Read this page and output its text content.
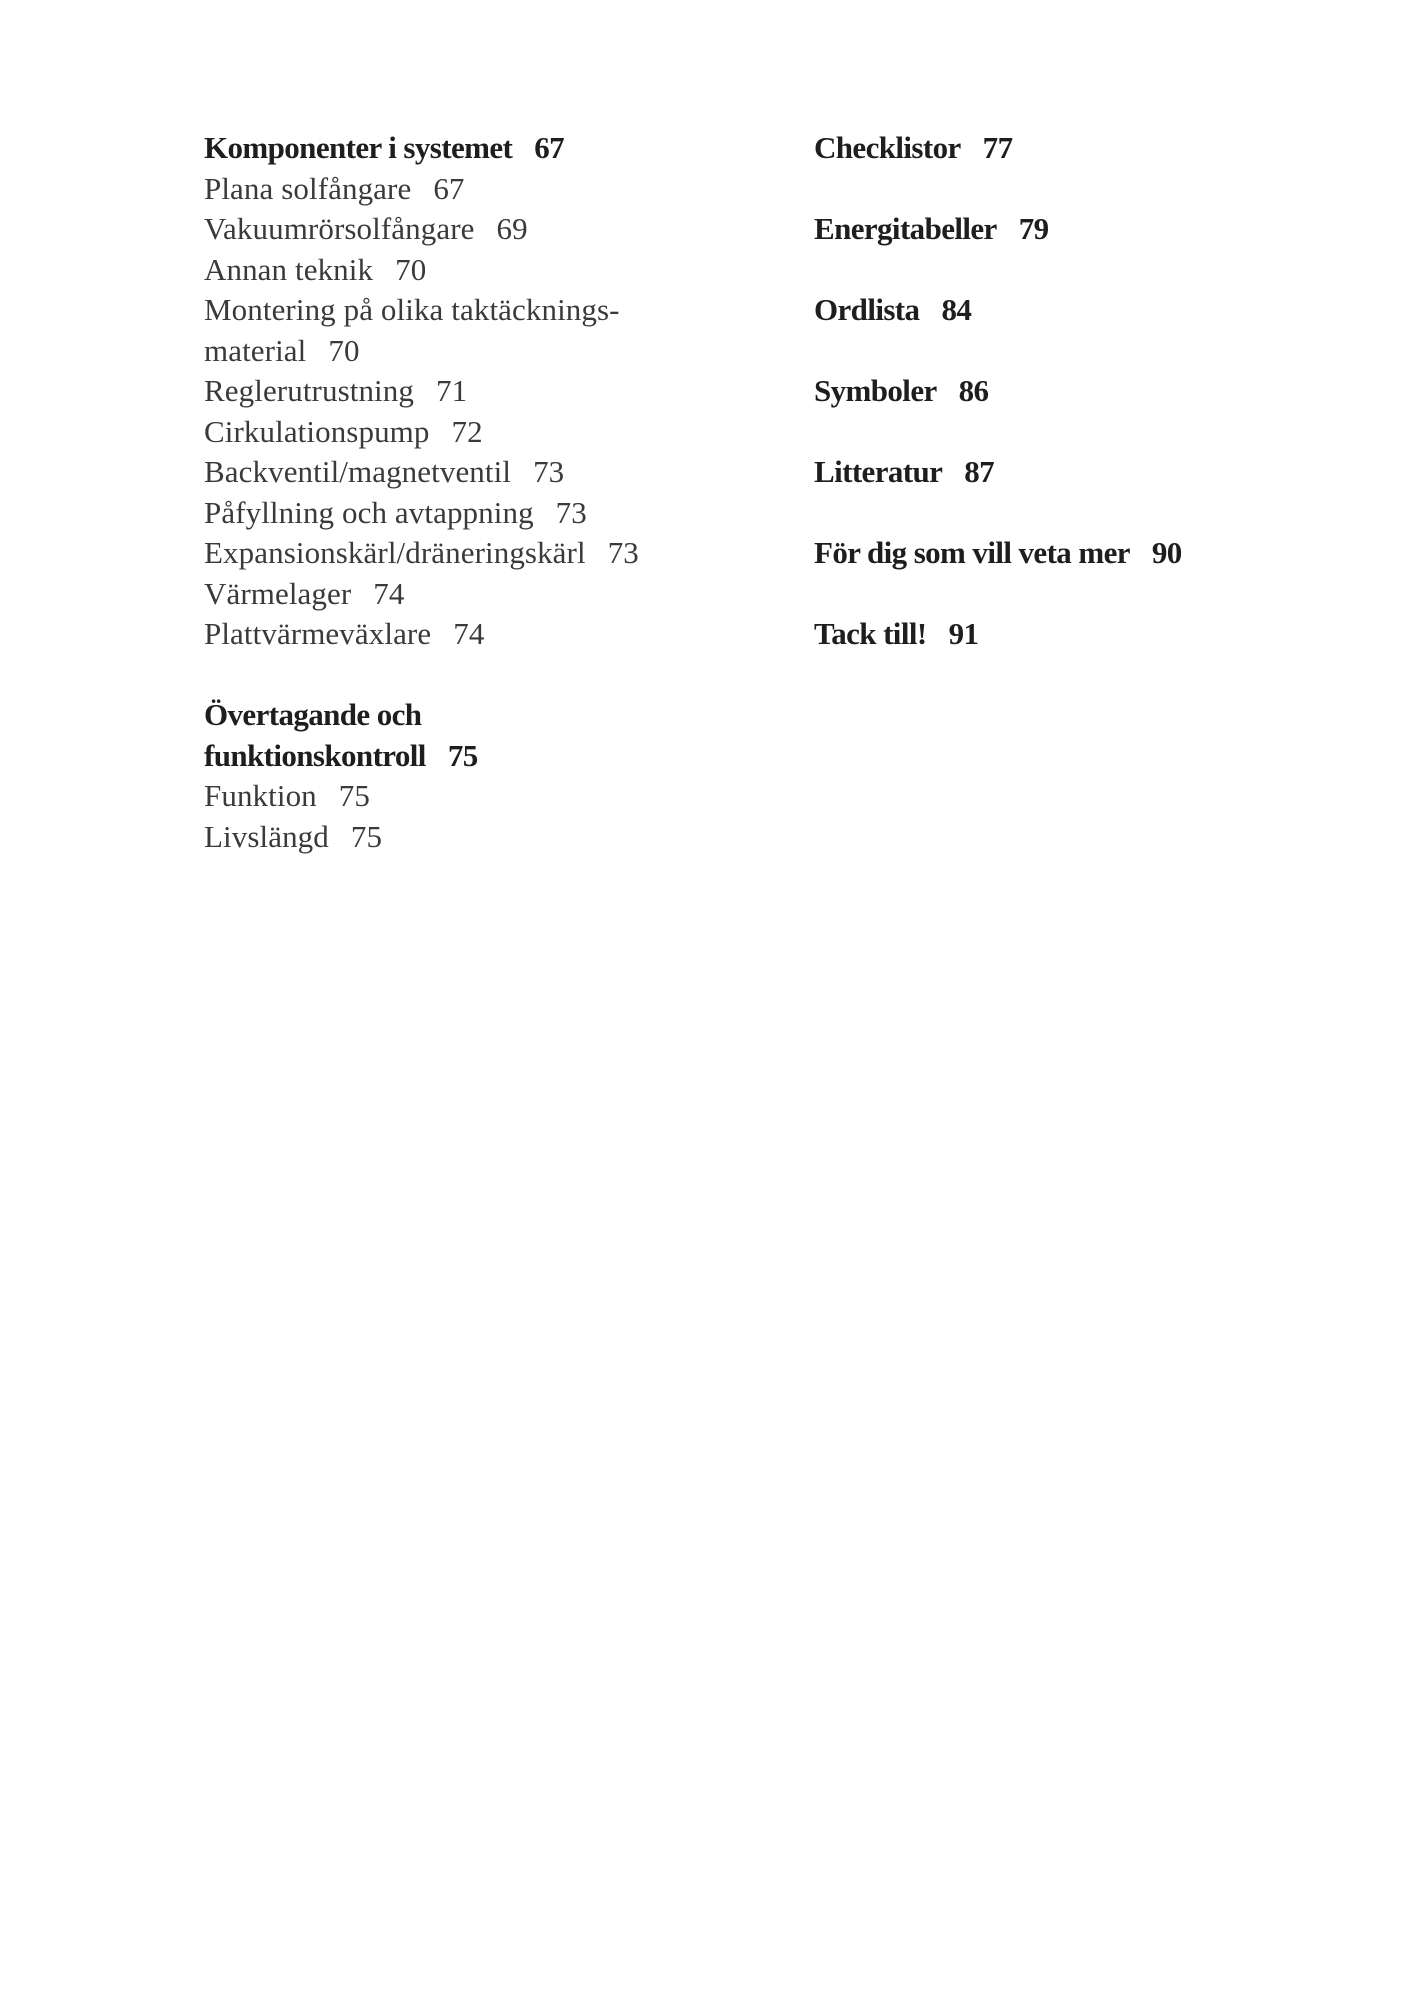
Komponenter i systemet 67
Plana solfångare 67
Vakuumrörsolfångare 69
Annan teknik 70
Montering på olika taktäcknings-
material 70
Reglerutrustning 71
Cirkulationspump 72
Backventil/magnetventil 73
Påfyllning och avtappning 73
Expansionskärl/dräneringskärl 73
Värmelager 74
Plattvärmeväxlare 74
Övertagande och
funktionskontroll 75
Funktion 75
Livslängd 75
Checklistor 77
Energitabeller 79
Ordlista 84
Symboler 86
Litteratur 87
För dig som vill veta mer 90
Tack till! 91
